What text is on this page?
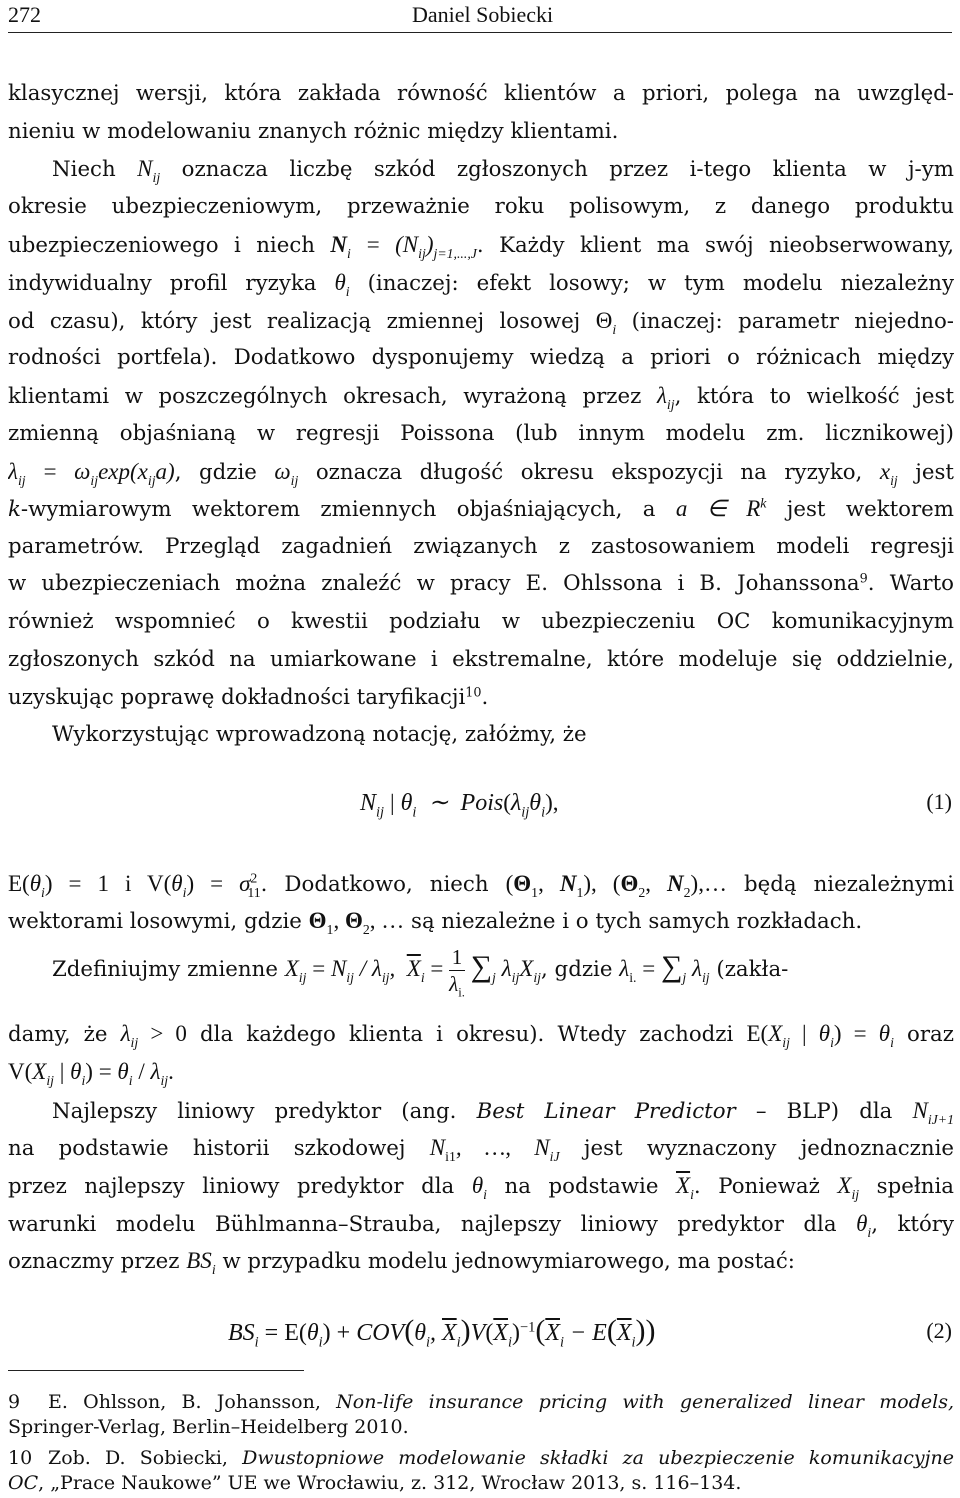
272	Daniel Sobiecki
klasycznej wersji, która zakłada równość klientów a priori, polega na uwzględ-
nieniu w modelowaniu znanych różnic między klientami.
Niech $N_{ij}$ oznacza liczbę szkód zgłoszonych przez i-tego klienta w j-ym
okresie ubezpieczeniowym, przeważnie roku polisowym, z danego produktu
ubezpieczeniowego i niech $N_i = (N_{ij})_{j=1,...,J}$. Każdy klient ma swój nieobserwowany,
indywidualny profil ryzyka $\theta_i$ (inaczej: efekt losowy; w tym modelu niezależny
od czasu), który jest realizacją zmiennej losowej $\Theta_i$ (inaczej: parametr niejedno-
rodności portfela). Dodatkowo dysponujemy wiedzą a priori o różnicach między
klientami w poszczególnych okresach, wyrażoną przez $\lambda_{ij}$, która to wielkość jest
zmienną objaśnianą w regresji Poissona (lub innym modelu zm. licznikowej)
$\lambda_{ij} = \omega_{ij}\exp(x_{ij}a)$, gdzie $\omega_{ij}$ oznacza długość okresu ekspozycji na ryzyko, $x_{ij}$ jest
k-wymiarowym wektorem zmiennych objaśniających, a a ∈ $R^k$ jest wektorem
parametrów. Przegląd zagadnień związanych z zastosowaniem modeli regresji
w ubezpieczeniach można znaleźć w pracy E. Ohlssona i B. Johanssona$^9$. Warto
również wspomnieć o kwestii podziału w ubezpieczeniu OC komunikacyjnym
zgłoszonych szkód na umiarkowane i ekstremalne, które modeluje się oddzielnie,
uzyskując poprawę dokładności taryfikacji$^{10}$.
Wykorzystując wprowadzoną notację, załóżmy, że
$N_{ij}$ | $\theta_i$  ∼  $Pois(\lambda_{ij}\theta_i)$,	(1)
$E(\theta_i) = 1$ i $V(\theta_i) = \sigma^2_{11}$. Dodatkowo, niech ($\Theta_1$, $N_1$), ($\Theta_2$, $N_2),\dots$ będą niezależnymi
wektorami losowymi, gdzie $\Theta_1$, $\Theta_2$, … są niezależne i o tych samych rozkładach.
Zdefiniujmy zmienne $X_{ij} = N_{ij} / \lambda_{ij}$,  $\overline{X}_i = \frac{1}{\lambda_{i.}} \sum_j$ $\lambda_{ij}X_{ij}$, gdzie $\lambda_{i.} = \sum_j$ $\lambda_{ij}$ (zakła-
damy, że $\lambda_{ij} > 0$ dla każdego klienta i okresu). Wtedy zachodzi $E(X_{ij}$ | $\theta_i) = \theta_i$ oraz
$V(X_{ij}$ | $\theta_i) = \theta_i / \lambda_{ij}$.
Najlepszy liniowy predyktor (ang. Best Linear Predictor – BLP) dla $N_{iJ+1}$
na podstawie historii szkodowej $N_{i1}$, …, $N_{iJ}$ jest wyznaczony jednoznacznie
przez najlepszy liniowy predyktor dla $\theta_i$ na podstawie $\overline{X}_i$. Ponieważ $X_{ij}$ spełnia
warunki modelu Bühlmanna–Strauba, najlepszy liniowy predyktor dla $\theta_i$, który
oznaczmy przez $BS_i$ w przypadku modelu jednowymiarowego, ma postać:
$BS_i = E(\theta_i) + COV(\theta_i$, $\overline{X}_i)V(\overline{X}_i)^{-1}(\overline{X}_i - E(\overline{X}_i))$	(2)
9 E. Ohlsson, B. Johansson, Non-life insurance pricing with generalized linear models,
Springer-Verlag, Berlin–Heidelberg 2010.
10 Zob. D. Sobiecki, Dwustopniowe modelowanie składki za ubezpieczenie komunikacyjne
OC, „Prace Naukowe” UE we Wrocławiu, z. 312, Wrocław 2013, s. 116–134.
